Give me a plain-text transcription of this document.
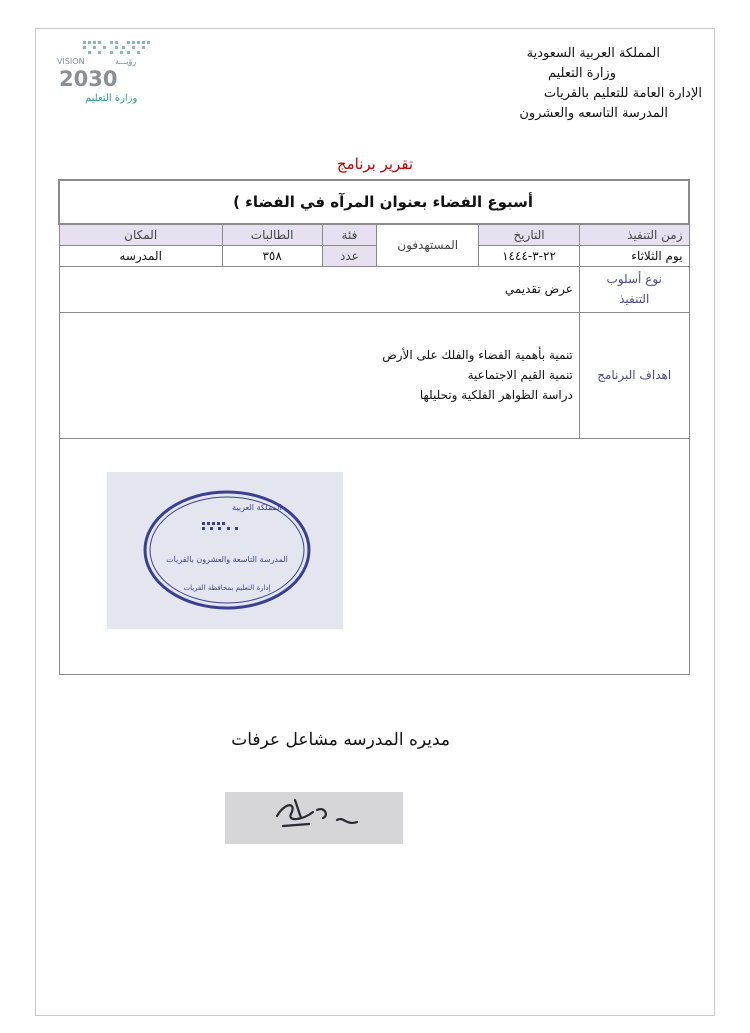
VISION	رؤيـــة
2030
وزارة التعليم
المملكة العربية السعودية
وزارة التعليم
الإدارة العامة للتعليم بالقريات
المدرسة التاسعه والعشرون
تقرير برنامج
أسبوع الفضاء بعنوان المرآه في الفضاء )					
زمن التنفيذ	التاريخ	المستهدفون	فئة	الطالبات	المكان
يوم الثلاثاء	٢٢-٣-١٤٤٤		عدد	٣٥٨	المدرسه

نوع أسلوب
التنفيذ	عرض تقديمي				
اهداف البرنامج	تنمية بأهمية الفضاء والفلك على الأرض
تنمية القيم الاجتماعية
دراسة الظواهر الفلكية وتحليلها				

المملكة العربية
المدرسة التاسعة والعشرون بالقريات
إدارة التعليم بمحافظة القريات
مديره المدرسه مشاعل عرفات
